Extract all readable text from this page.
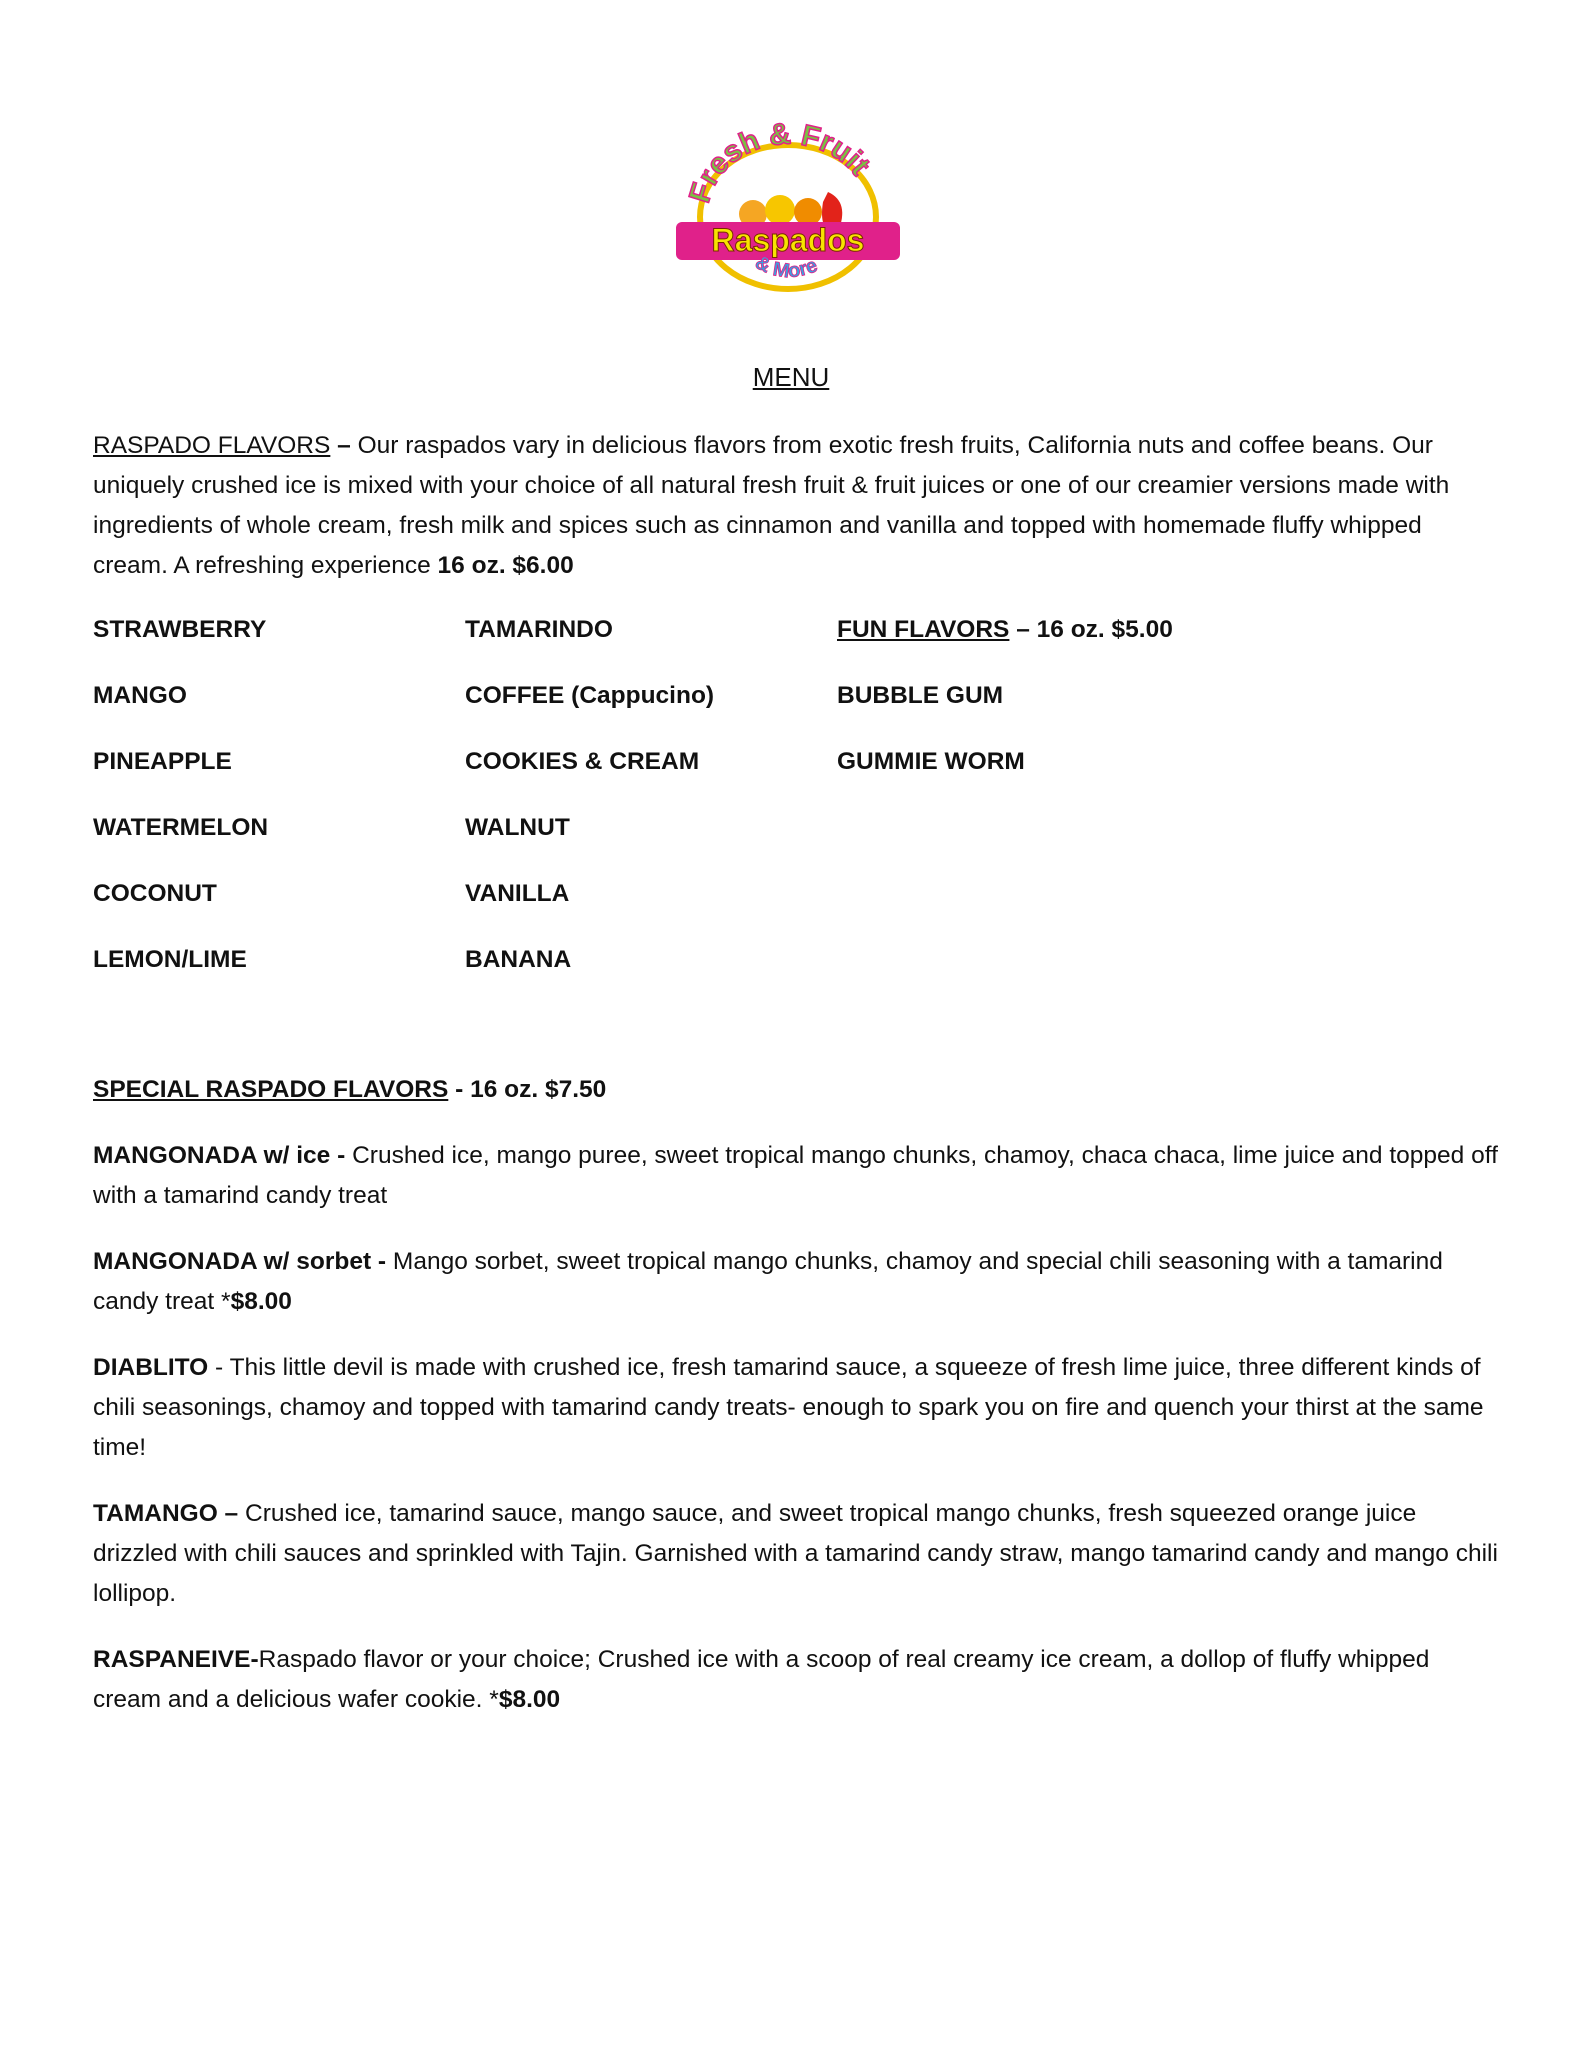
Fresh & Fruit
Raspados
& More
MENU
RASPADO FLAVORS – Our raspados vary in delicious flavors from exotic fresh fruits, California nuts and coffee beans. Our uniquely crushed ice is mixed with your choice of all natural fresh fruit & fruit juices or one of our creamier versions made with ingredients of whole cream, fresh milk and spices such as cinnamon and vanilla and topped with homemade fluffy whipped cream. A refreshing experience 16 oz. $6.00
STRAWBERRY
MANGO
PINEAPPLE
WATERMELON
COCONUT
LEMON/LIME
TAMARINDO
COFFEE (Cappucino)
COOKIES & CREAM
WALNUT
VANILLA
BANANA
FUN FLAVORS – 16 oz. $5.00
BUBBLE GUM
GUMMIE WORM
SPECIAL RASPADO FLAVORS - 16 oz. $7.50
MANGONADA w/ ice - Crushed ice, mango puree, sweet tropical mango chunks, chamoy, chaca chaca, lime juice and topped off with a tamarind candy treat
MANGONADA w/ sorbet - Mango sorbet, sweet tropical mango chunks, chamoy and special chili seasoning with a tamarind candy treat *$8.00
DIABLITO - This little devil is made with crushed ice, fresh tamarind sauce, a squeeze of fresh lime juice, three different kinds of chili seasonings, chamoy and topped with tamarind candy treats- enough to spark you on fire and quench your thirst at the same time!
TAMANGO – Crushed ice, tamarind sauce, mango sauce, and sweet tropical mango chunks, fresh squeezed orange juice drizzled with chili sauces and sprinkled with Tajin. Garnished with a tamarind candy straw, mango tamarind candy and mango chili lollipop.
RASPANEIVE-Raspado flavor or your choice; Crushed ice with a scoop of real creamy ice cream, a dollop of fluffy whipped cream and a delicious wafer cookie. *$8.00
